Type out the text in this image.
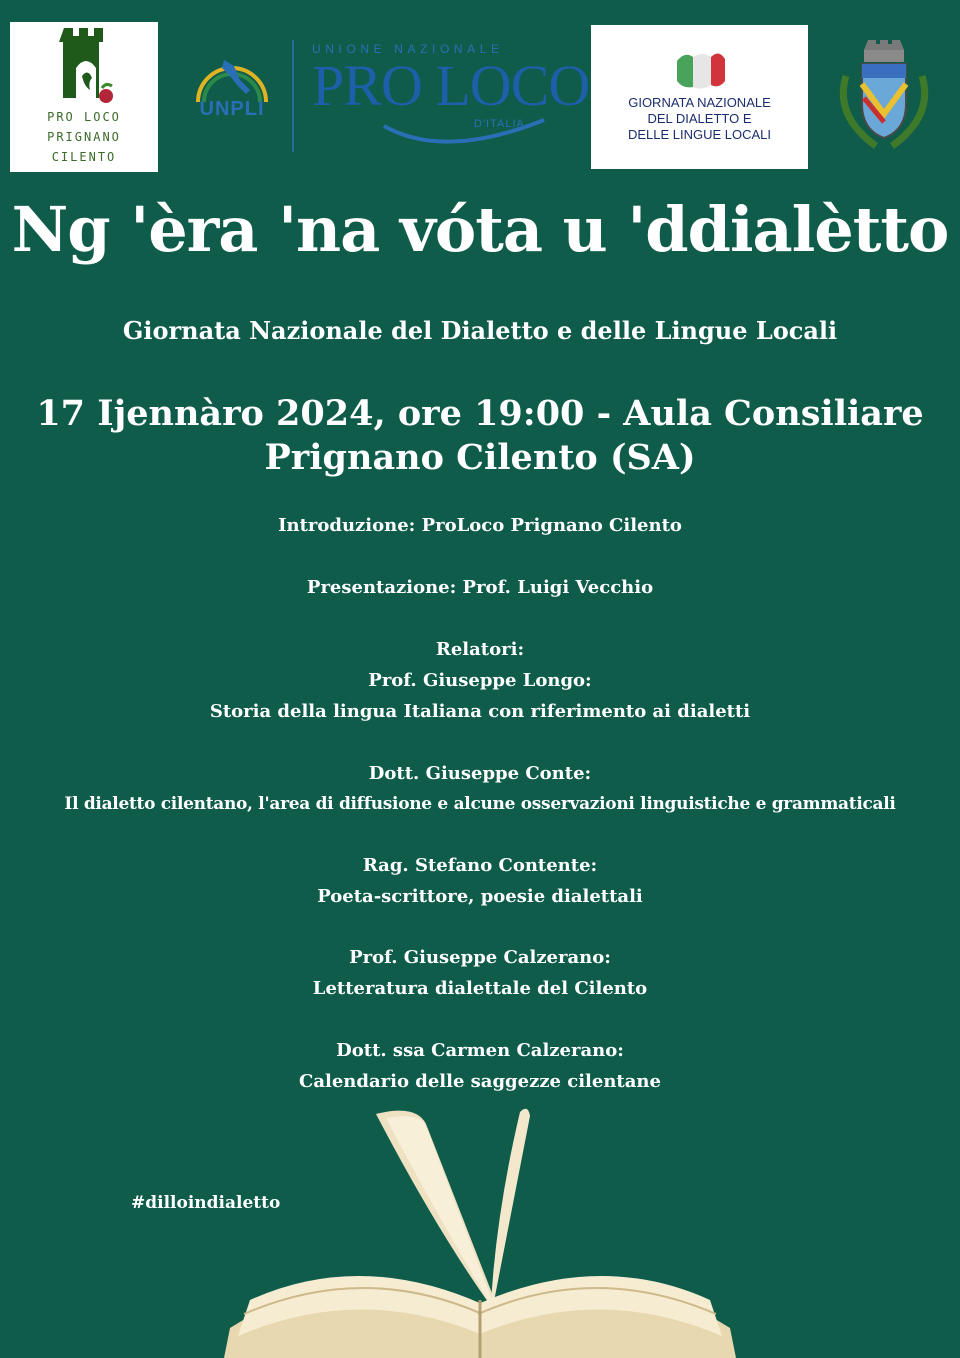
PRO LOCO
PRIGNANO
CILENTO
UNPLI
UNIONE NAZIONALE
PRO LOCO
D'ITALIA
GIORNATA NAZIONALE
DEL DIALETTO E
DELLE LINGUE LOCALI
Ng 'èra 'na vóta u 'ddialètto
Giornata Nazionale del Dialetto e delle Lingue Locali
17 Ijennàro 2024, ore 19:00 - Aula Consiliare
Prignano Cilento (SA)
Introduzione: ProLoco Prignano Cilento
Presentazione: Prof. Luigi Vecchio
Relatori:
Prof. Giuseppe Longo:
Storia della lingua Italiana con riferimento ai dialetti
Dott. Giuseppe Conte:
Il dialetto cilentano, l'area di diffusione e alcune osservazioni linguistiche e grammaticali
Rag. Stefano Contente:
Poeta-scrittore, poesie dialettali
Prof. Giuseppe Calzerano:
Letteratura dialettale del Cilento
Dott. ssa Carmen Calzerano:
Calendario delle saggezze cilentane
#dilloindialetto
